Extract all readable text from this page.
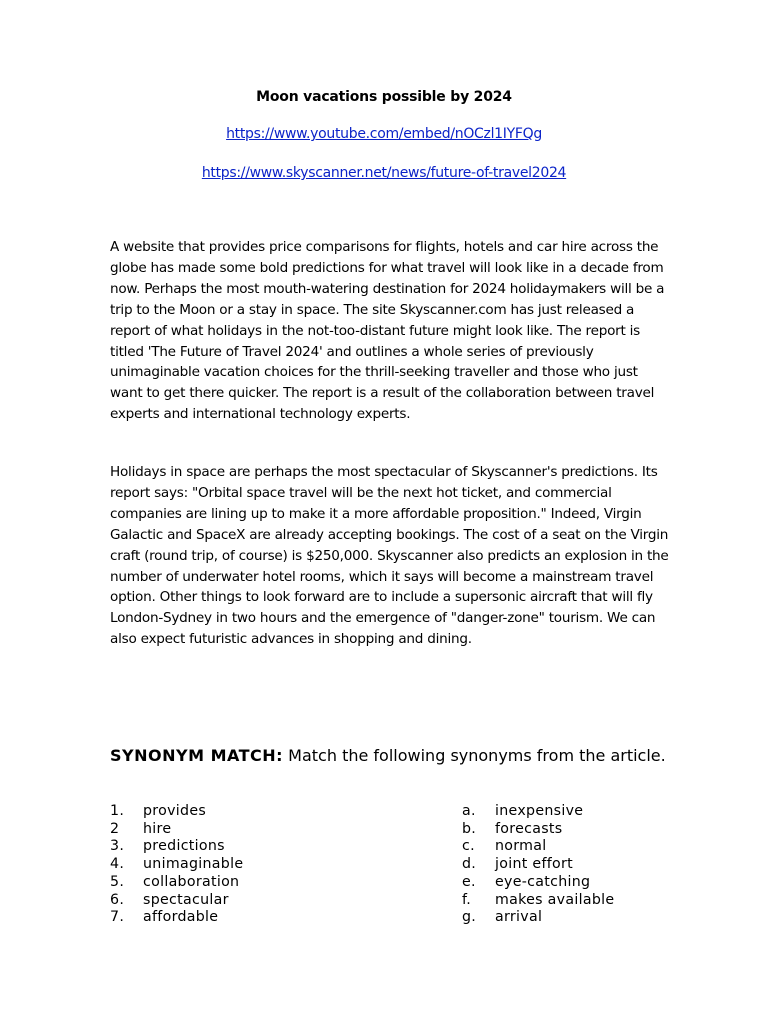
Moon vacations possible by 2024
https://www.youtube.com/embed/nOCzl1IYFQg
https://www.skyscanner.net/news/future-of-travel2024

A website that provides price comparisons for flights, hotels and car hire across the globe has made some bold predictions for what travel will look like in a decade from now. Perhaps the most mouth-watering destination for 2024 holidaymakers will be a trip to the Moon or a stay in space. The site Skyscanner.com has just released a report of what holidays in the not-too-distant future might look like. The report is titled 'The Future of Travel 2024' and outlines a whole series of previously unimaginable vacation choices for the thrill-seeking traveller and those who just want to get there quicker. The report is a result of the collaboration between travel experts and international technology experts.

Holidays in space are perhaps the most spectacular of Skyscanner's predictions. Its report says: "Orbital space travel will be the next hot ticket, and commercial companies are lining up to make it a more affordable proposition." Indeed, Virgin Galactic and SpaceX are already accepting bookings. The cost of a seat on the Virgin craft (round trip, of course) is $250,000. Skyscanner also predicts an explosion in the number of underwater hotel rooms, which it says will become a mainstream travel option. Other things to look forward are to include a supersonic aircraft that will fly London-Sydney in two hours and the emergence of "danger-zone" tourism. We can also expect futuristic advances in shopping and dining.

SYNONYM MATCH: Match the following synonyms from the article.
1.	provides
2	hire
3.	predictions
4.	unimaginable
5.	collaboration
6.	spectacular
7.	affordable
a.	inexpensive
b.	forecasts
c.	normal
d.	joint effort
e.	eye-catching
f.	makes available
g.	arrival
